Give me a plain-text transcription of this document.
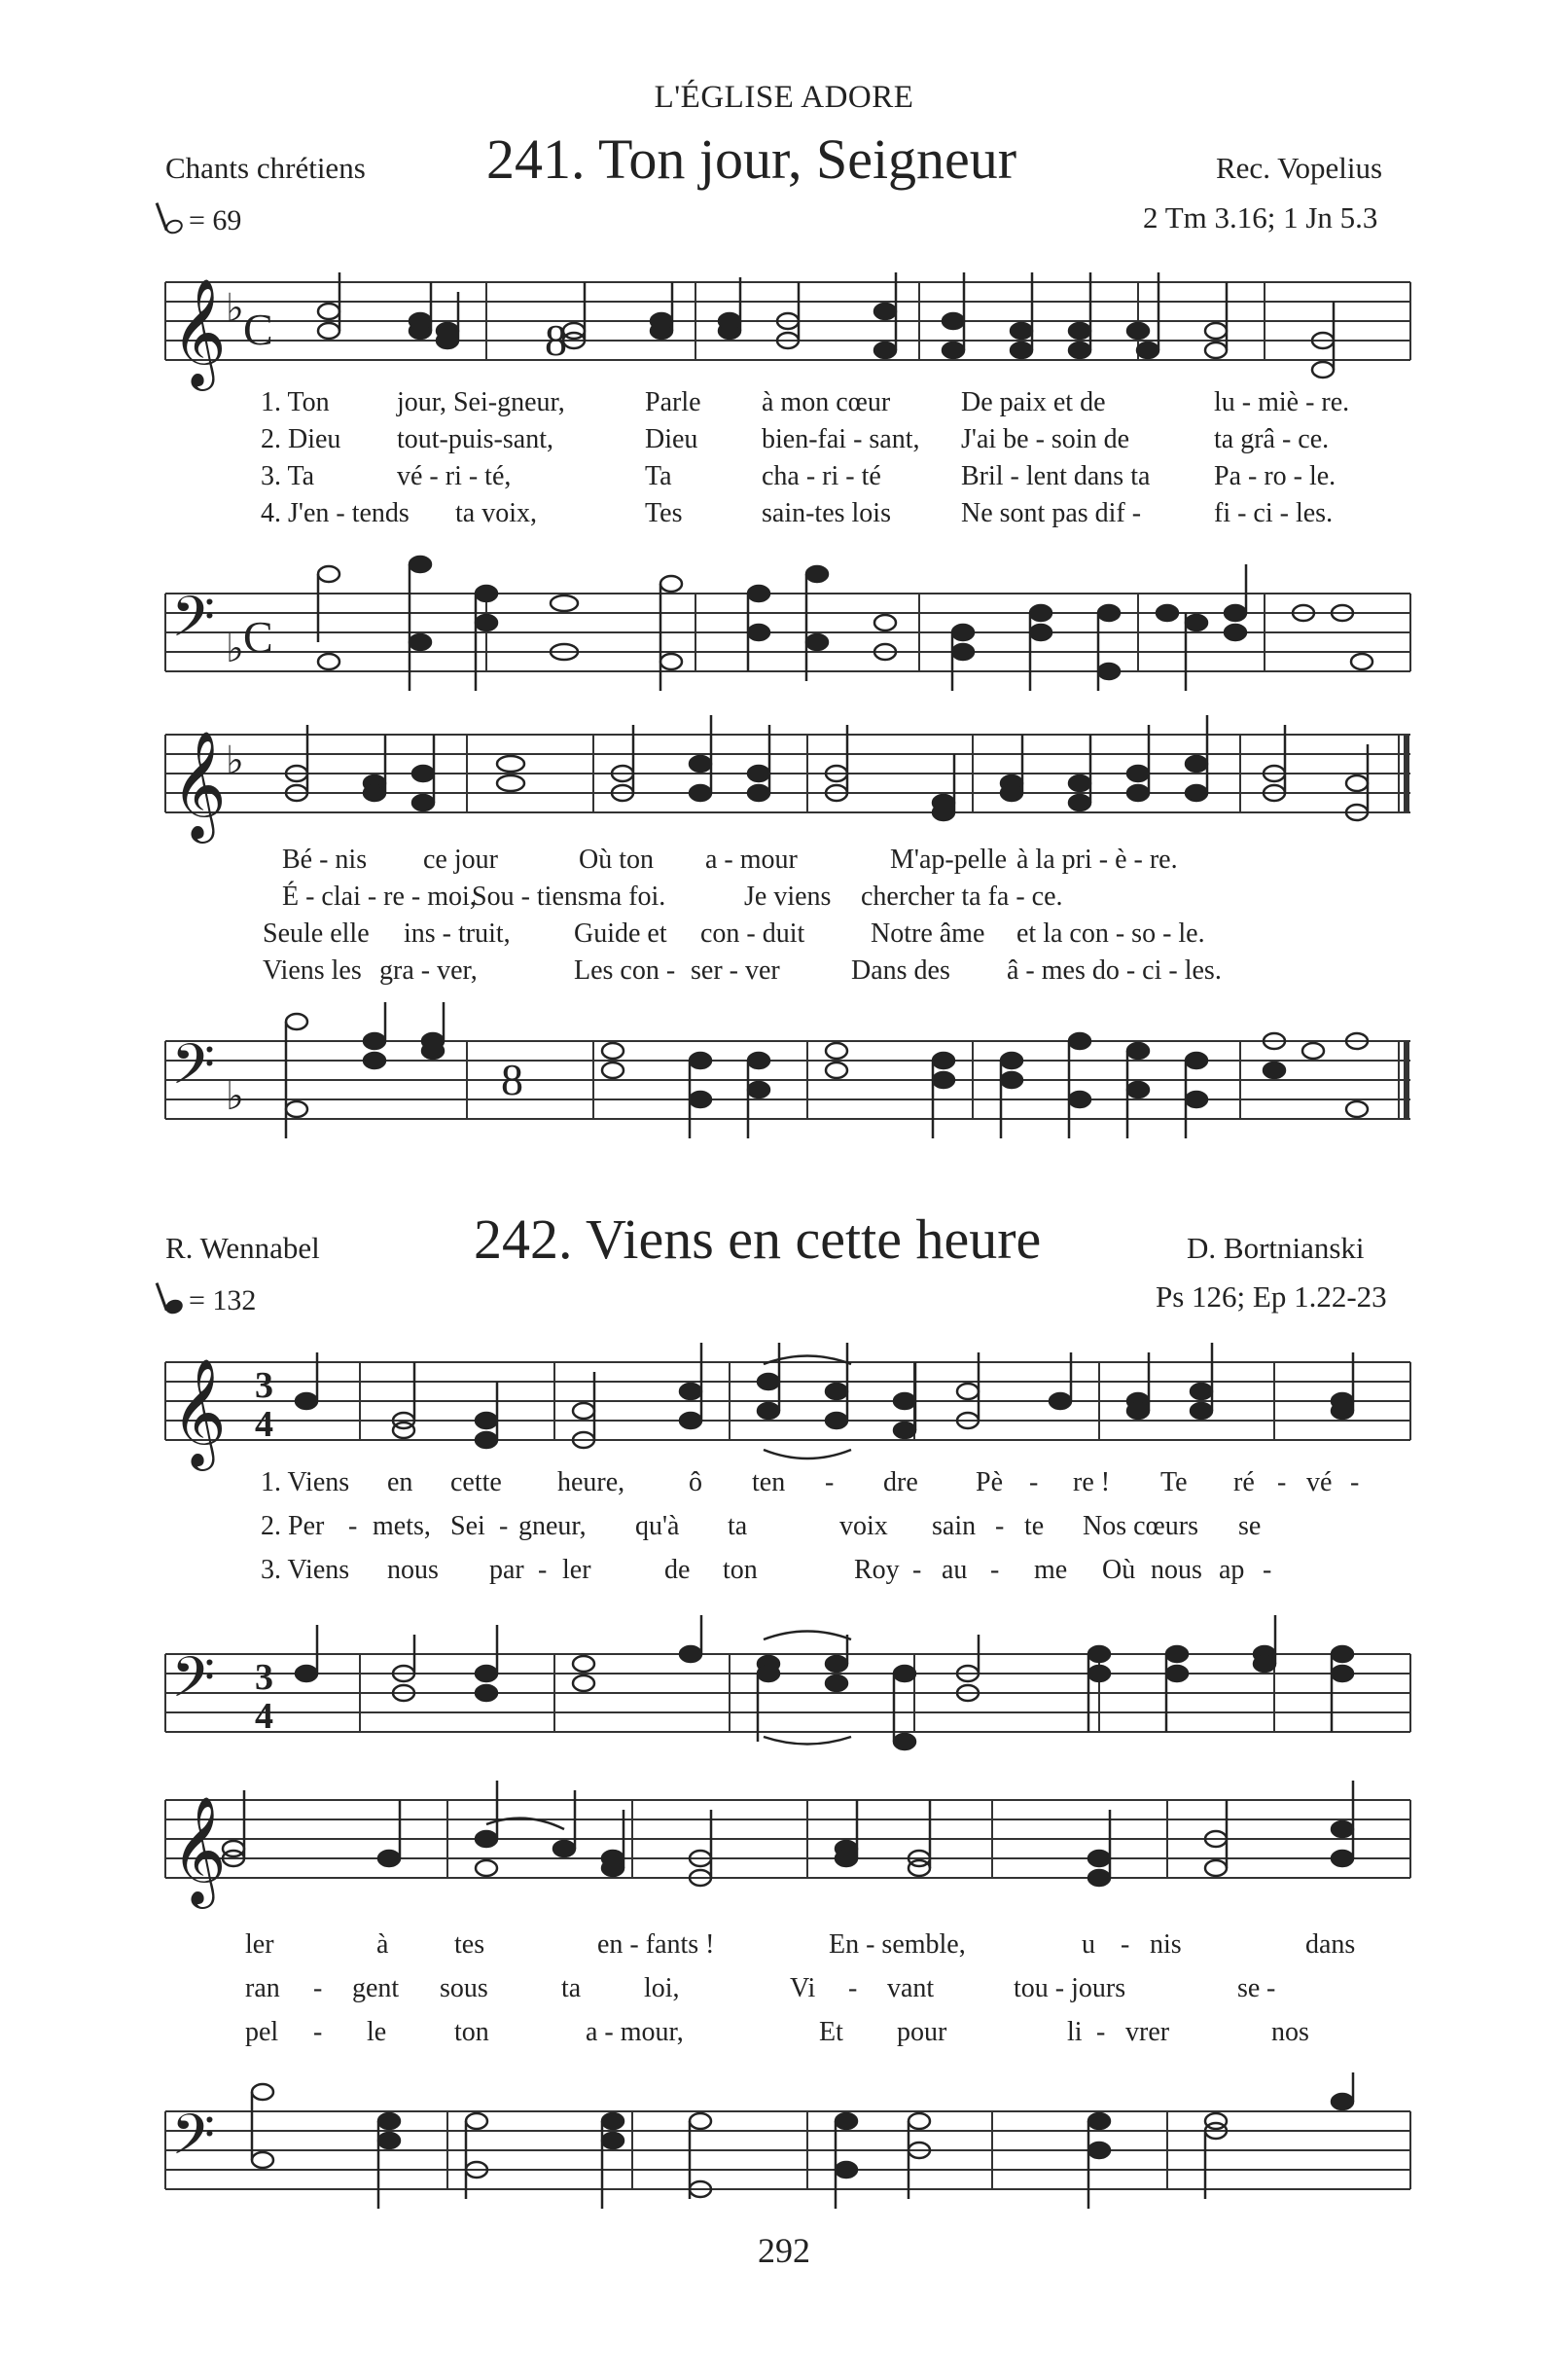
L'ÉGLISE ADORE
Chants chrétiens 241. Ton jour, Seigneur	Rec. Vopelius
= 69	2 Tm 3.16; 1 Jn 5.3
𝄞 ♭ C	8
1. Ton jour, Sei-gneur,	Parle à mon cœur	De paix et de	lu - miè - re.
2. Dieu tout-puis-sant,	Dieu bien-fai - sant, J'ai be - soin de	ta grâ - ce.
3. Ta	vé - ri - té,	Ta	cha - ri - té	Bril - lent dans ta Pa - ro - le.
4. J'en - tends ta voix,	Tes	sain-tes lois	Ne sont pas dif -	fi - ci - les.
𝄢 ♭ C
𝄞 ♭
Bé - nis ce jour	Où ton a - mour	M'ap-pelle à la pri - è - re.
É - clai - re - moi,Sou - tiensma foi.	Je viens chercher ta fa - ce.
Seule elle ins - truit, Guide et con - duit Notre âme et la con - so - le.
Viens les gra - ver,	Les con - ser - ver	Dans des â - mes do - ci - les.
𝄢 ♭	8
R. Wennabel	242. Viens en cette heure	D. Bortnianski
= 132	Ps 126; Ep 1.22-23
𝄞 3
4
1. Viens en cette heure, ô ten - dre Pè - re ! Te ré - vé -
2. Per - mets, Sei - gneur, qu'à ta	voix sain - te Nos cœurs se
3. Viens nous par - ler	de ton	Roy - au - me Où nous ap -
𝄢 3
4
𝄞
ler	à tes	en - fants !	En - semble,	u - nis	dans
ran - gent sous	ta loi,	Vi - vant	tou - jours	se -
pel - le ton	a - mour,	Et pour	li - vrer	nos
𝄢
292
